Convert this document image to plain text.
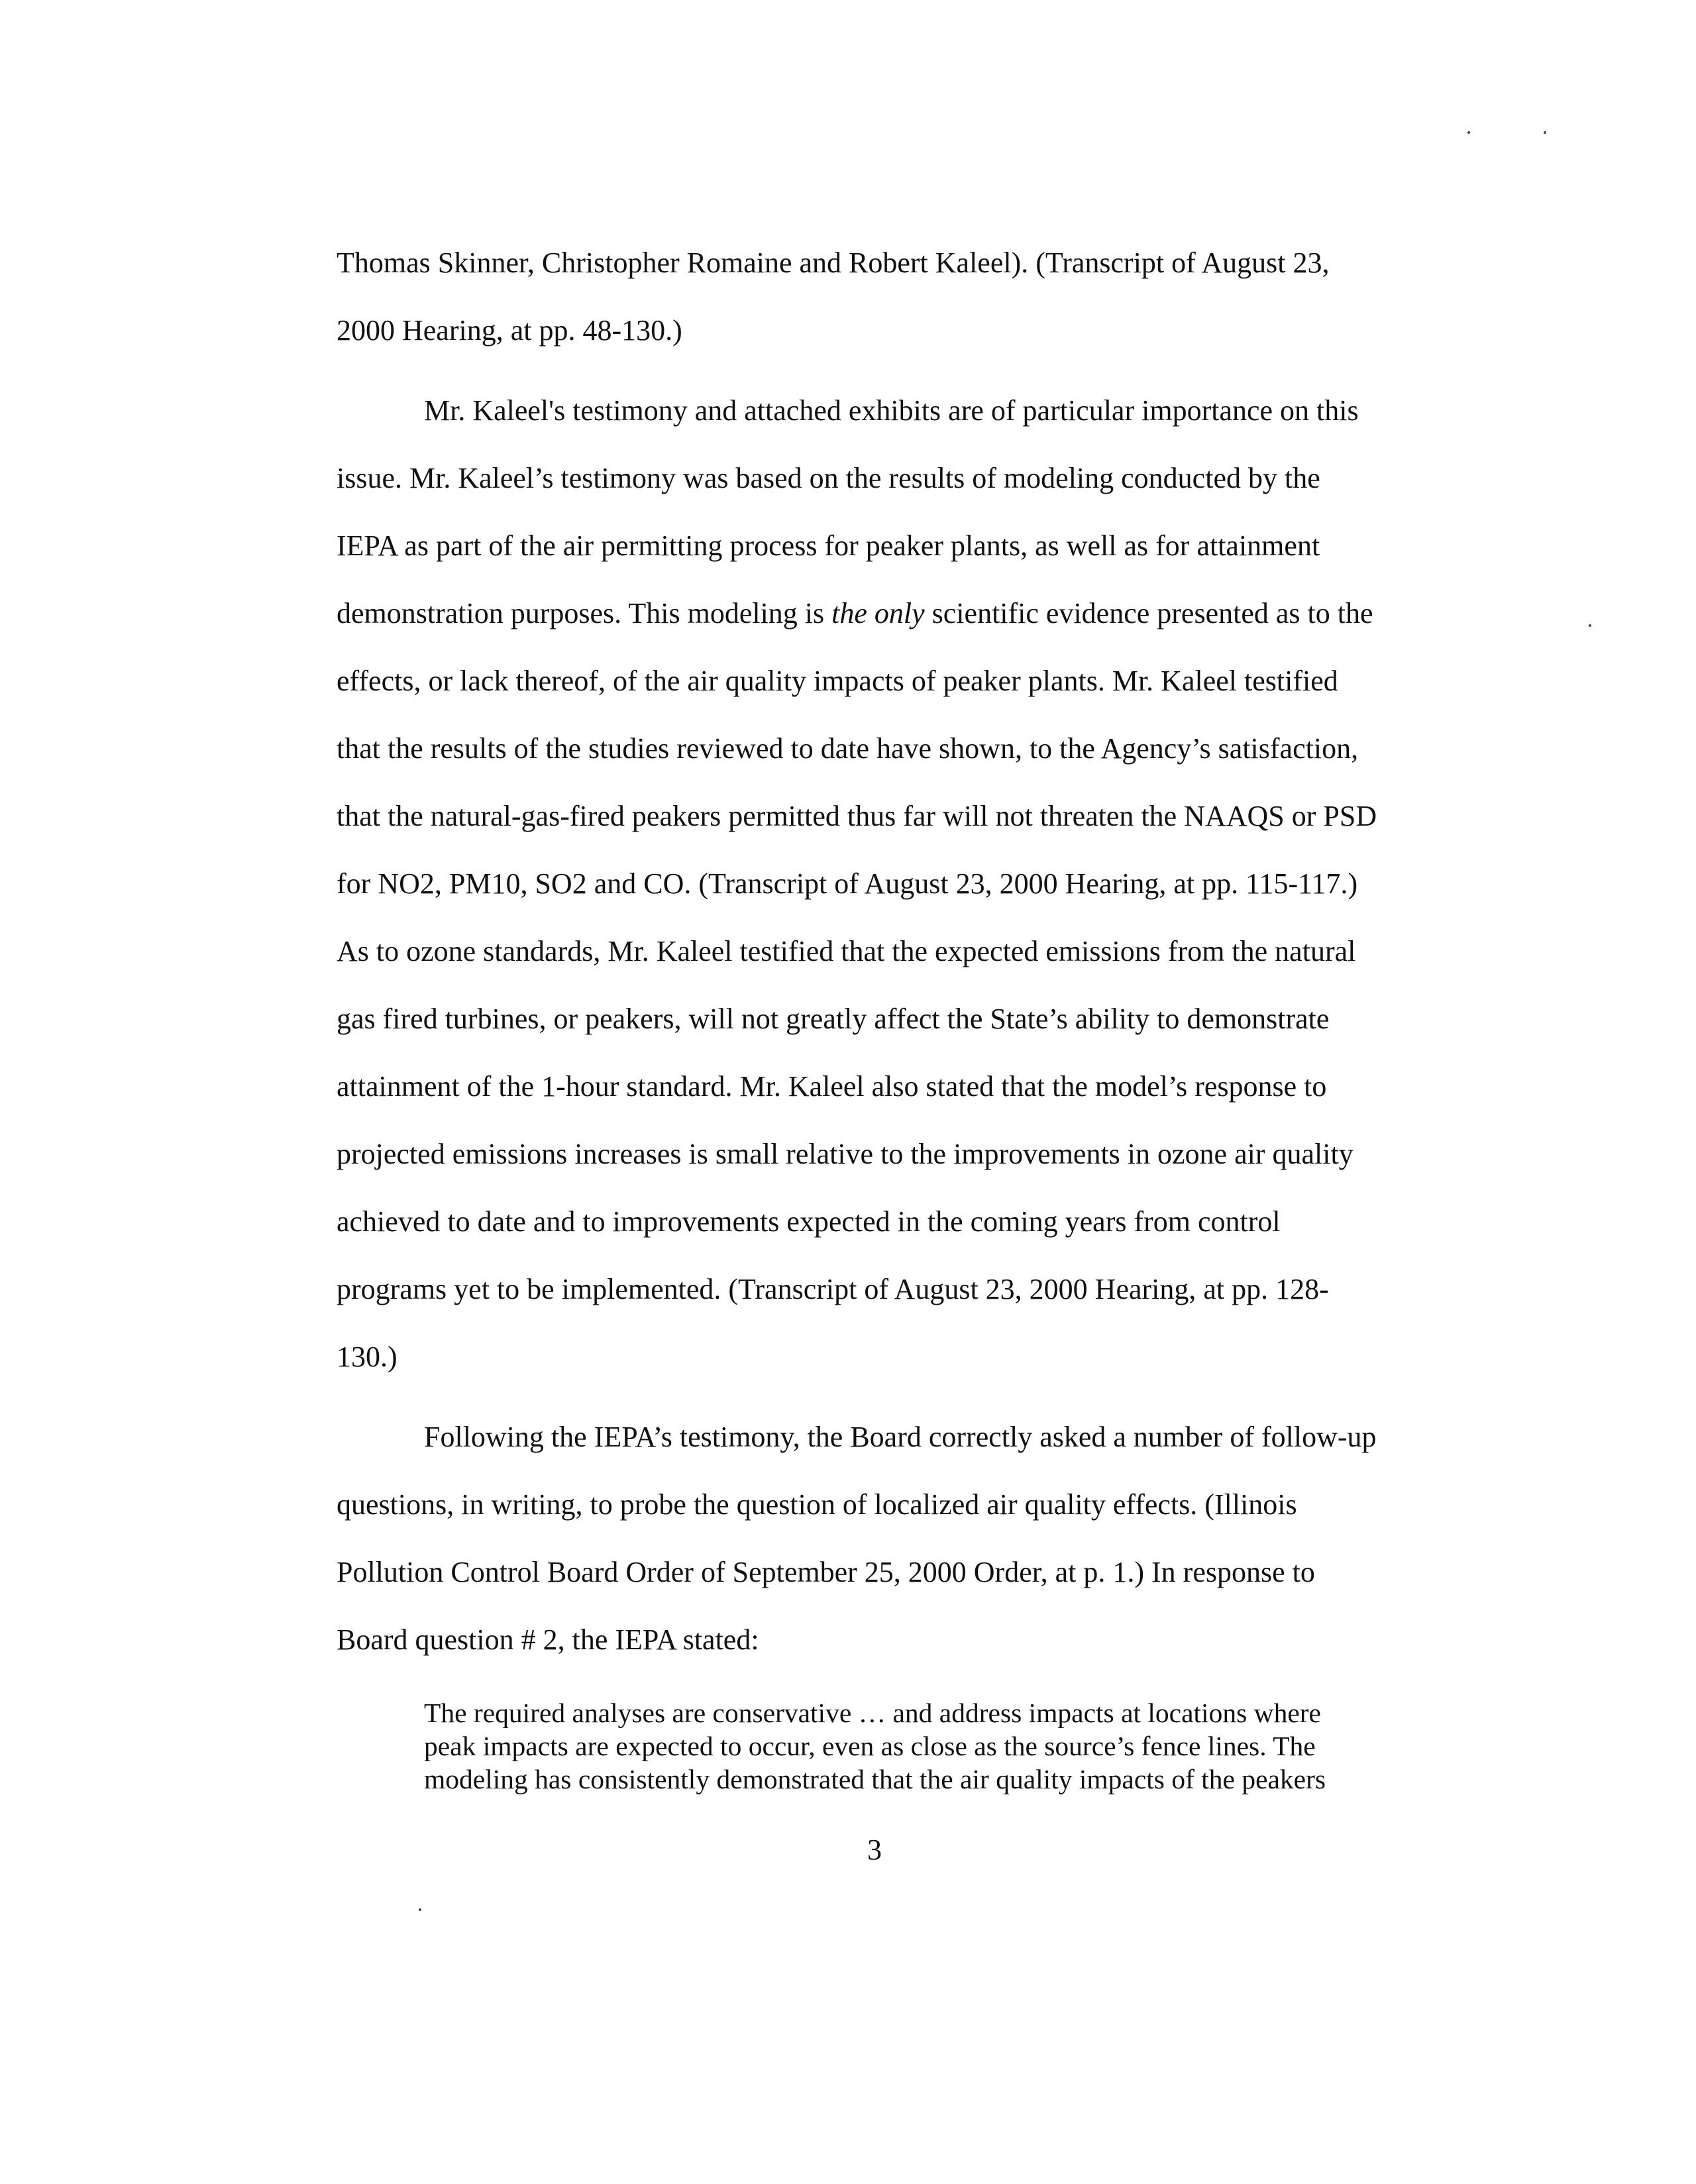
Thomas Skinner, Christopher Romaine and Robert Kaleel). (Transcript of August 23,

2000 Hearing, at pp. 48-130.)

Mr. Kaleel's testimony and attached exhibits are of particular importance on this

issue. Mr. Kaleel’s testimony was based on the results of modeling conducted by the

IEPA as part of the air permitting process for peaker plants, as well as for attainment

demonstration purposes. This modeling is the only scientific evidence presented as to the

effects, or lack thereof, of the air quality impacts of peaker plants. Mr. Kaleel testified

that the results of the studies reviewed to date have shown, to the Agency’s satisfaction,

that the natural-gas-fired peakers permitted thus far will not threaten the NAAQS or PSD

for NO2, PM10, SO2 and CO. (Transcript of August 23, 2000 Hearing, at pp. 115-117.)

As to ozone standards, Mr. Kaleel testified that the expected emissions from the natural

gas fired turbines, or peakers, will not greatly affect the State’s ability to demonstrate

attainment of the 1-hour standard. Mr. Kaleel also stated that the model’s response to

projected emissions increases is small relative to the improvements in ozone air quality

achieved to date and to improvements expected in the coming years from control

programs yet to be implemented. (Transcript of August 23, 2000 Hearing, at pp. 128-

130.)

Following the IEPA’s testimony, the Board correctly asked a number of follow-up

questions, in writing, to probe the question of localized air quality effects. (Illinois

Pollution Control Board Order of September 25, 2000 Order, at p. 1.) In response to

Board question # 2, the IEPA stated:

The required analyses are conservative … and address impacts at locations where

peak impacts are expected to occur, even as close as the source’s fence lines. The

modeling has consistently demonstrated that the air quality impacts of the peakers

3
